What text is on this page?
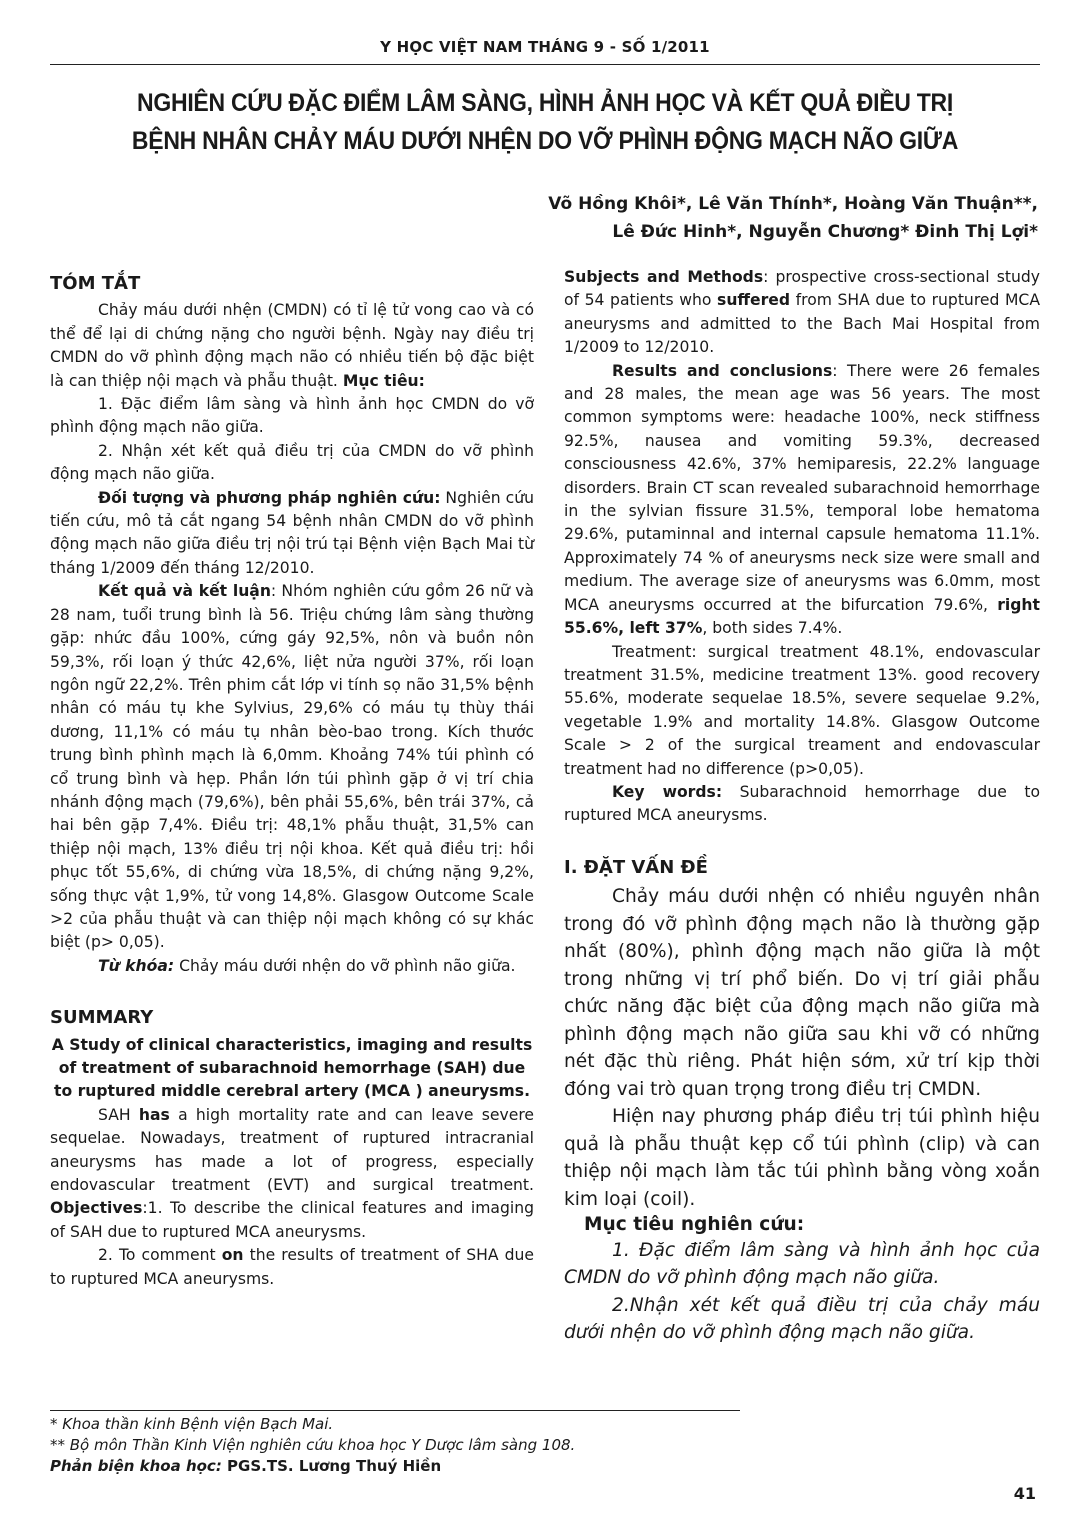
Y HỌC VIỆT NAM THÁNG 9 - SỐ 1/2011
NGHIÊN CỨU ĐẶC ĐIỂM LÂM SÀNG, HÌNH ẢNH HỌC VÀ KẾT QUẢ ĐIỀU TRỊ
BỆNH NHÂN CHẢY MÁU DƯỚI NHỆN DO VỠ PHÌNH ĐỘNG MẠCH NÃO GIỮA
Võ Hồng Khôi*, Lê Văn Thính*, Hoàng Văn Thuận**,
Lê Đức Hinh*, Nguyễn Chương* Đinh Thị Lợi*

TÓM TẮT

Chảy máu dưới nhện (CMDN) có tỉ lệ tử vong cao và có thể để lại di chứng nặng cho người bệnh. Ngày nay điều trị CMDN do vỡ phình động mạch não có nhiều tiến bộ đặc biệt là can thiệp nội mạch và phẫu thuật. Mục tiêu:

1. Đặc điểm lâm sàng và hình ảnh học CMDN do vỡ phình động mạch não giữa.

2. Nhận xét kết quả điều trị của CMDN do vỡ phình động mạch não giữa.

Đối tượng và phương pháp nghiên cứu: Nghiên cứu tiến cứu, mô tả cắt ngang 54 bệnh nhân CMDN do vỡ phình động mạch não giữa điều trị nội trú tại Bệnh viện Bạch Mai từ tháng 1/2009 đến tháng 12/2010.

Kết quả và kết luận: Nhóm nghiên cứu gồm 26 nữ và 28 nam, tuổi trung bình là 56. Triệu chứng lâm sàng thường gặp: nhức đầu 100%, cứng gáy 92,5%, nôn và buồn nôn 59,3%, rối loạn ý thức 42,6%, liệt nửa người 37%, rối loạn ngôn ngữ 22,2%. Trên phim cắt lớp vi tính sọ não 31,5% bệnh nhân có máu tụ khe Sylvius, 29,6% có máu tụ thùy thái dương, 11,1% có máu tụ nhân bèo-bao trong. Kích thước trung bình phình mạch là 6,0mm. Khoảng 74% túi phình có cổ trung bình và hẹp. Phần lớn túi phình gặp ở vị trí chia nhánh động mạch (79,6%), bên phải 55,6%, bên trái 37%, cả hai bên gặp 7,4%. Điều trị: 48,1% phẫu thuật, 31,5% can thiệp nội mạch, 13% điều trị nội khoa. Kết quả điều trị: hồi phục tốt 55,6%, di chứng vừa 18,5%, di chứng nặng 9,2%, sống thực vật 1,9%, tử vong 14,8%. Glasgow Outcome Scale >2 của phẫu thuật và can thiệp nội mạch không có sự khác biệt (p> 0,05).

Từ khóa: Chảy máu dưới nhện do vỡ phình não giữa.

SUMMARY

A Study of clinical characteristics, imaging and results of treatment of subarachnoid hemorrhage (SAH) due to ruptured middle cerebral artery (MCA ) aneurysms.

SAH has a high mortality rate and can leave severe sequelae. Nowadays, treatment of ruptured intracranial aneurysms has made a lot of progress, especially endovascular treatment (EVT) and surgical treatment. Objectives:1. To describe the clinical features and imaging of SAH due to ruptured MCA aneurysms.

2. To comment on the results of treatment of SHA due to ruptured MCA aneurysms.

Subjects and Methods: prospective cross-sectional study of 54 patients who suffered from SHA due to ruptured MCA aneurysms and admitted to the Bach Mai Hospital from 1/2009 to 12/2010.

Results and conclusions: There were 26 females and 28 males, the mean age was 56 years. The most common symptoms were: headache 100%, neck stiffness 92.5%, nausea and vomiting 59.3%, decreased consciousness 42.6%, 37% hemiparesis, 22.2% language disorders. Brain CT scan revealed subarachnoid hemorrhage in the sylvian fissure 31.5%, temporal lobe hematoma 29.6%, putaminnal and internal capsule hematoma 11.1%. Approximately 74 % of aneurysms neck size were small and medium. The average size of aneurysms was 6.0mm, most MCA aneurysms occurred at the bifurcation 79.6%, right 55.6%, left 37%, both sides 7.4%.

Treatment: surgical treatment 48.1%, endovascular treatment 31.5%, medicine treatment 13%. good recovery 55.6%, moderate sequelae 18.5%, severe sequelae 9.2%, vegetable 1.9% and mortality 14.8%. Glasgow Outcome Scale > 2 of the surgical treament and endovascular treatment had no difference (p>0,05).

Key words: Subarachnoid hemorrhage due to ruptured MCA aneurysms.

I. ĐẶT VẤN ĐỀ

Chảy máu dưới nhện có nhiều nguyên nhân trong đó vỡ phình động mạch não là thường gặp nhất (80%), phình động mạch não giữa là một trong những vị trí phổ biến. Do vị trí giải phẫu chức năng đặc biệt của động mạch não giữa mà phình động mạch não giữa sau khi vỡ có những nét đặc thù riêng. Phát hiện sớm, xử trí kịp thời đóng vai trò quan trọng trong điều trị CMDN.

Hiện nay phương pháp điều trị túi phình hiệu quả là phẫu thuật kẹp cổ túi phình (clip) và can thiệp nội mạch làm tắc túi phình bằng vòng xoắn kim loại (coil).

Mục tiêu nghiên cứu:

1. Đặc điểm lâm sàng và hình ảnh học của CMDN do vỡ phình động mạch não giữa.

2.Nhận xét kết quả điều trị của chảy máu dưới nhện do vỡ phình động mạch não giữa.

* Khoa thần kinh Bệnh viện Bạch Mai.
** Bộ môn Thần Kinh Viện nghiên cứu khoa học Y Dược lâm sàng 108.
Phản biện khoa học: PGS.TS. Lương Thuý Hiền
41
